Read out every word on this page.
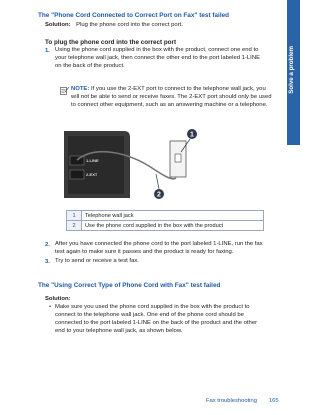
Solve a problem
The "Phone Cord Connected to Correct Port on Fax" test failed
Solution: Plug the phone cord into the correct port.
To plug the phone cord into the correct port
1. Using the phone cord supplied in the box with the product, connect one end to
your telephone wall jack, then connect the other end to the port labeled 1-LINE
on the back of the product.
NOTE: If you use the 2-EXT port to connect to the telephone wall jack, you
will not be able to send or receive faxes. The 2-EXT port should only be used
to connect other equipment, such as an answering machine or a telephone.
1-LINE
2-EXT
1
2
1	Telephone wall jack
2	Use the phone cord supplied in the box with the product
2. After you have connected the phone cord to the port labeled 1-LINE, run the fax
test again to make sure it passes and the product is ready for faxing.
3. Try to send or receive a test fax.
The "Using Correct Type of Phone Cord with Fax" test failed
Solution:
• Make sure you used the phone cord supplied in the box with the product to
connect to the telephone wall jack. One end of the phone cord should be
connected to the port labeled 1-LINE on the back of the product and the other
end to your telephone wall jack, as shown below.
Fax troubleshooting 165
